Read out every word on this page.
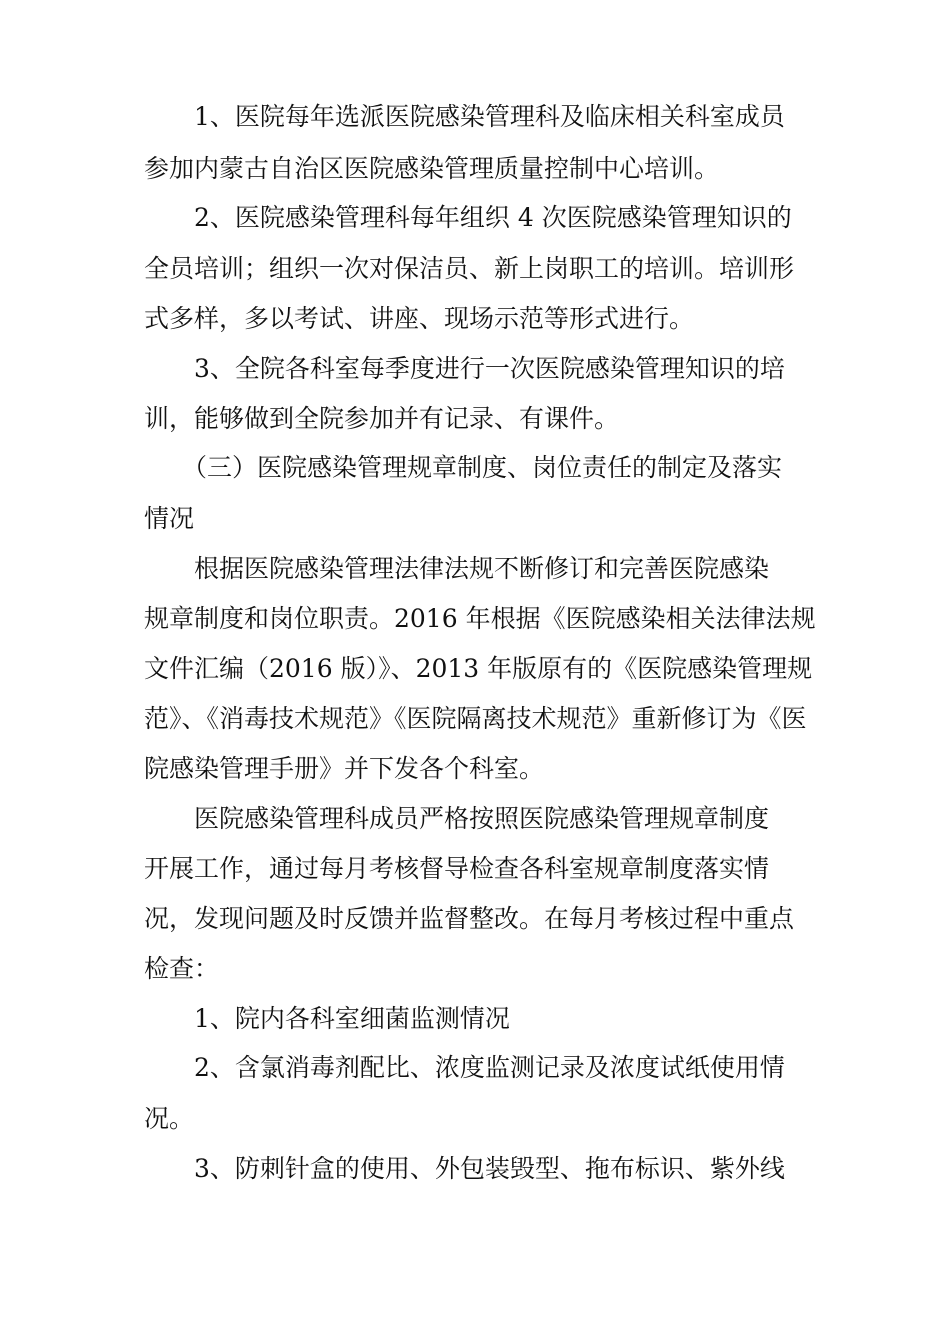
1、医院每年选派医院感染管理科及临床相关科室成员
参加内蒙古自治区医院感染管理质量控制中心培训。
2、医院感染管理科每年组织 4 次医院感染管理知识的
全员培训；组织一次对保洁员、新上岗职工的培训。培训形
式多样，多以考试、讲座、现场示范等形式进行。
3、全院各科室每季度进行一次医院感染管理知识的培
训，能够做到全院参加并有记录、有课件。
（三）医院感染管理规章制度、岗位责任的制定及落实
情况
根据医院感染管理法律法规不断修订和完善医院感染
规章制度和岗位职责。2016 年根据《医院感染相关法律法规
文件汇编（2016 版）》、2013 年版原有的《医院感染管理规
范》、《消毒技术规范》《医院隔离技术规范》重新修订为《医
院感染管理手册》并下发各个科室。
医院感染管理科成员严格按照医院感染管理规章制度
开展工作，通过每月考核督导检查各科室规章制度落实情
况，发现问题及时反馈并监督整改。在每月考核过程中重点
检查：
1、院内各科室细菌监测情况
2、含氯消毒剂配比、浓度监测记录及浓度试纸使用情
况。
3、防刺针盒的使用、外包装毁型、拖布标识、紫外线
